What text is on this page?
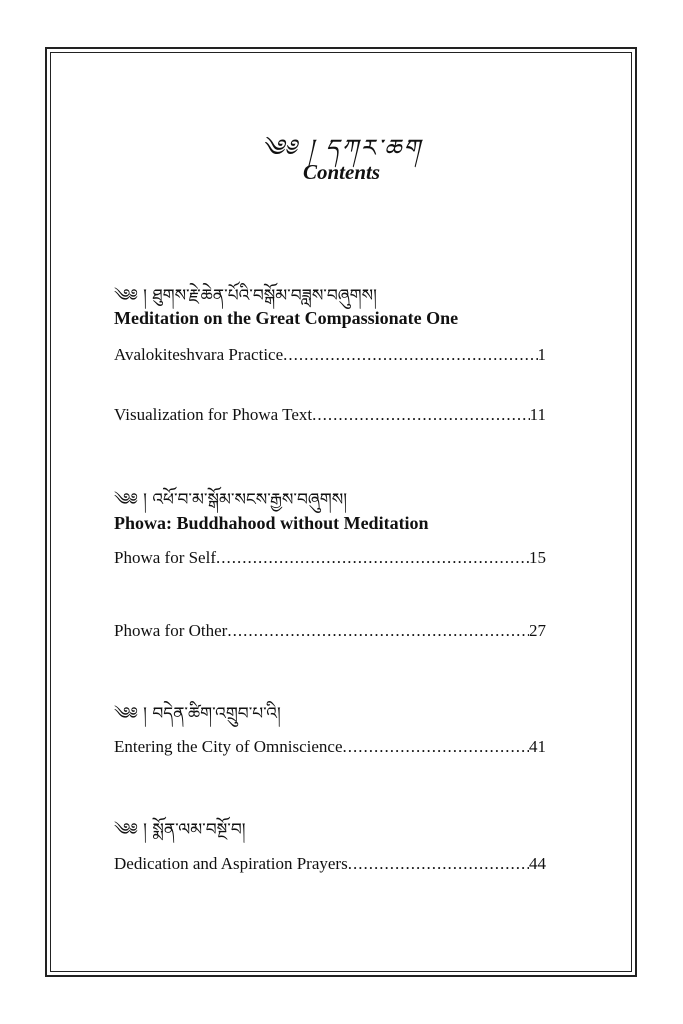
༄༅ ། དཀར་ཆག
Contents
༄༅ ། ཐུགས་རྗེ་ཆེན་པོའི་བསྒོམ་བཟླས་བཞུགས།
Meditation on the Great Compassionate One
Avalokiteshvara Practice .....	1
Visualization for Phowa Text .....	11
༄༅ ། འཕོ་བ་མ་སྒོམ་སངས་རྒྱས་བཞུགས།
Phowa: Buddhahood without Meditation
Phowa for Self .....	15
Phowa for Other .....	27
༄༅ ། བདེན་ཚིག་འགྲུབ་པ་འི།
Entering the City of Omniscience .....	41
༄༅ ། སྨོན་ལམ་བསྔོ་བ།
Dedication and Aspiration Prayers .....	44
